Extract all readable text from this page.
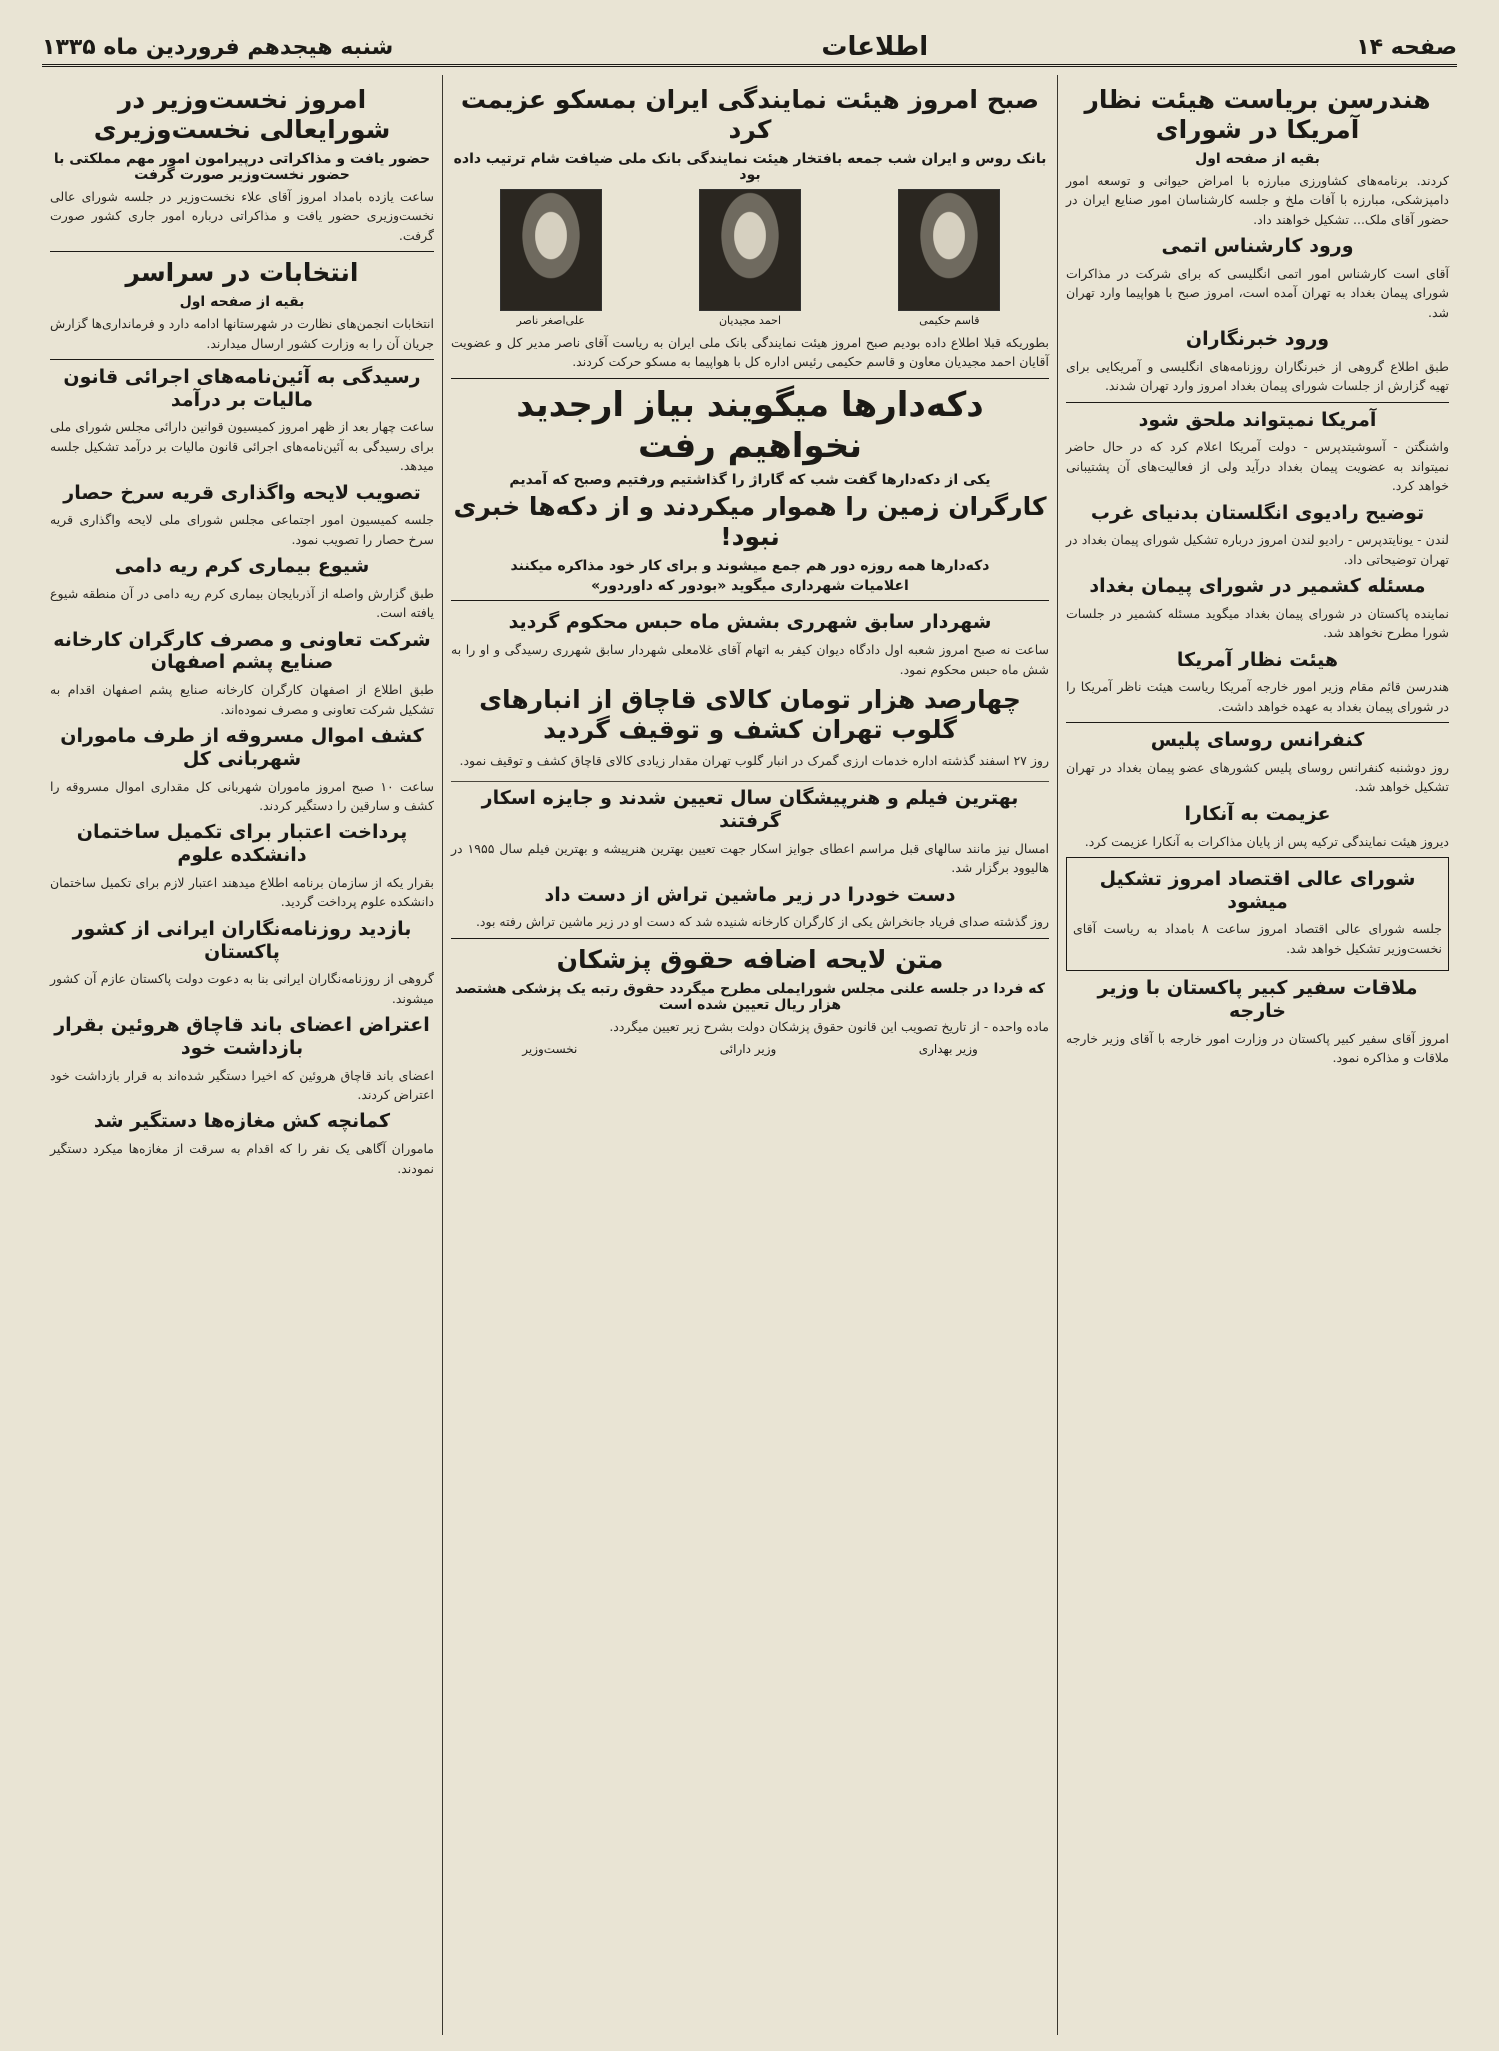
صفحه ۱۴
اطلاعات
شنبه هیجدهم فروردین ماه ۱۳۳۵
هندرسن بریاست هیئت نظار آمریکا در شورای
بقیه از صفحه اول

کردند. برنامه‌های کشاورزی مبارزه با امراض حیوانی و توسعه امور دامپزشکی، مبارزه با آفات ملخ و جلسه کارشناسان امور صنایع ایران در حضور آقای ملک... تشکیل خواهند داد.

ورود کارشناس اتمی

آقای است کارشناس امور اتمی انگلیسی که برای شرکت در مذاکرات شورای پیمان بغداد به تهران آمده است، امروز صبح با هواپیما وارد تهران شد.

ورود خبرنگاران

طبق اطلاع گروهی از خبرنگاران روزنامه‌های انگلیسی و آمریکایی برای تهیه گزارش از جلسات شورای پیمان بغداد امروز وارد تهران شدند.

آمریکا نمیتواند ملحق شود

واشنگتن - آسوشیتدپرس - دولت آمریکا اعلام کرد که در حال حاضر نمیتواند به عضویت پیمان بغداد درآید ولی از فعالیت‌های آن پشتیبانی خواهد کرد.

توضیح رادیوی انگلستان بدنیای غرب

لندن - یونایتدپرس - رادیو لندن امروز درباره تشکیل شورای پیمان بغداد در تهران توضیحاتی داد.

مسئله کشمیر در شورای پیمان بغداد

نماینده پاکستان در شورای پیمان بغداد میگوید مسئله کشمیر در جلسات شورا مطرح نخواهد شد.

هیئت نظار آمریکا

هندرسن قائم مقام وزیر امور خارجه آمریکا ریاست هیئت ناظر آمریکا را در شورای پیمان بغداد به عهده خواهد داشت.

کنفرانس روسای پلیس

روز دوشنبه کنفرانس روسای پلیس کشورهای عضو پیمان بغداد در تهران تشکیل خواهد شد.

عزیمت به آنکارا

دیروز هیئت نمایندگی ترکیه پس از پایان مذاکرات به آنکارا عزیمت کرد.

شورای عالی اقتصاد امروز تشکیل میشود

جلسه شورای عالی اقتصاد امروز ساعت ۸ بامداد به ریاست آقای نخست‌وزیر تشکیل خواهد شد.

ملاقات سفیر کبیر پاکستان با وزیر خارجه

امروز آقای سفیر کبیر پاکستان در وزارت امور خارجه با آقای وزیر خارجه ملاقات و مذاکره نمود.

صبح امروز هیئت نمایندگی ایران بمسکو عزیمت کرد
بانک روس و ایران شب جمعه بافتخار هیئت نمایندگی بانک ملی ضیافت شام ترتیب داده بود
قاسم حکیمی
احمد مجیدیان
علی‌اصغر ناصر

بطوریکه قبلا اطلاع داده بودیم صبح امروز هیئت نمایندگی بانک ملی ایران به ریاست آقای ناصر مدیر کل و عضویت آقایان احمد مجیدیان معاون و قاسم حکیمی رئیس اداره کل با هواپیما به مسکو حرکت کردند.

دکه‌دارها میگویند بیاز ارجدید نخواهیم رفت
یکی از دکه‌دارها گفت شب که گاراژ را گذاشتیم ورفتیم وصبح که آمدیم
کارگران زمین را هموار میکردند و از دکه‌ها خبری نبود!
دکه‌دارها همه روزه دور هم جمع میشوند و برای کار خود مذاکره میکنند
اعلامیات شهرداری میگوید «بودور که داوردور»
شهردار سابق شهرری بشش ماه حبس محکوم گردید

ساعت نه صبح امروز شعبه اول دادگاه دیوان کیفر به اتهام آقای غلامعلی شهردار سابق شهرری رسیدگی و او را به شش ماه حبس محکوم نمود.

چهارصد هزار تومان کالای قاچاق از انبارهای گلوب تهران کشف و توقیف گردید

روز ۲۷ اسفند گذشته اداره خدمات ارزی گمرک در انبار گلوب تهران مقدار زیادی کالای قاچاق کشف و توقیف نمود.

بهترین فیلم و هنرپیشگان سال تعیین شدند و جایزه اسکار گرفتند

امسال نیز مانند سالهای قبل مراسم اعطای جوایز اسکار جهت تعیین بهترین هنرپیشه و بهترین فیلم سال ۱۹۵۵ در هالیوود برگزار شد.

دست خودرا در زیر ماشین تراش از دست داد

روز گذشته صدای فریاد جانخراش یکی از کارگران کارخانه شنیده شد که دست او در زیر ماشین تراش رفته بود.

متن لایحه اضافه حقوق پزشکان
که فردا در جلسه علنی مجلس شورایملی مطرح میگردد حقوق رتبه یک پزشکی هشتصد هزار ریال تعیین شده است

ماده واحده - از تاریخ تصویب این قانون حقوق پزشکان دولت بشرح زیر تعیین میگردد.

وزیر بهداری
وزیر دارائی
نخست‌وزیر
امروز نخست‌وزیر در شورایعالی نخست‌وزیری
حضور یافت و مذاکراتی درپیرامون امور مهم مملکتی با حضور نخست‌وزیر صورت گرفت

ساعت یازده بامداد امروز آقای علاء نخست‌وزیر در جلسه شورای عالی نخست‌وزیری حضور یافت و مذاکراتی درباره امور جاری کشور صورت گرفت.

انتخابات در سراسر
بقیه از صفحه اول

انتخابات انجمن‌های نظارت در شهرستانها ادامه دارد و فرمانداری‌ها گزارش جریان آن را به وزارت کشور ارسال میدارند.

رسیدگی به آئین‌نامه‌های اجرائی قانون مالیات بر درآمد

ساعت چهار بعد از ظهر امروز کمیسیون قوانین دارائی مجلس شورای ملی برای رسیدگی به آئین‌نامه‌های اجرائی قانون مالیات بر درآمد تشکیل جلسه میدهد.

تصویب لایحه واگذاری قریه سرخ حصار

جلسه کمیسیون امور اجتماعی مجلس شورای ملی لایحه واگذاری قریه سرخ حصار را تصویب نمود.

شیوع بیماری کرم ریه دامی

طبق گزارش واصله از آذربایجان بیماری کرم ریه دامی در آن منطقه شیوع یافته است.

شرکت تعاونی و مصرف کارگران کارخانه صنایع پشم اصفهان

طبق اطلاع از اصفهان کارگران کارخانه صنایع پشم اصفهان اقدام به تشکیل شرکت تعاونی و مصرف نموده‌اند.

کشف اموال مسروقه از طرف ماموران شهربانی کل

ساعت ۱۰ صبح امروز ماموران شهربانی کل مقداری اموال مسروقه را کشف و سارقین را دستگیر کردند.

پرداخت اعتبار برای تکمیل ساختمان دانشکده علوم

بقرار یکه از سازمان برنامه اطلاع میدهند اعتبار لازم برای تکمیل ساختمان دانشکده علوم پرداخت گردید.

بازدید روزنامه‌نگاران ایرانی از کشور پاکستان

گروهی از روزنامه‌نگاران ایرانی بنا به دعوت دولت پاکستان عازم آن کشور میشوند.

اعتراض اعضای باند قاچاق هروئین بقرار بازداشت خود

اعضای باند قاچاق هروئین که اخیرا دستگیر شده‌اند به قرار بازداشت خود اعتراض کردند.

کمانچه کش مغازه‌ها دستگیر شد

ماموران آگاهی یک نفر را که اقدام به سرقت از مغازه‌ها میکرد دستگیر نمودند.
